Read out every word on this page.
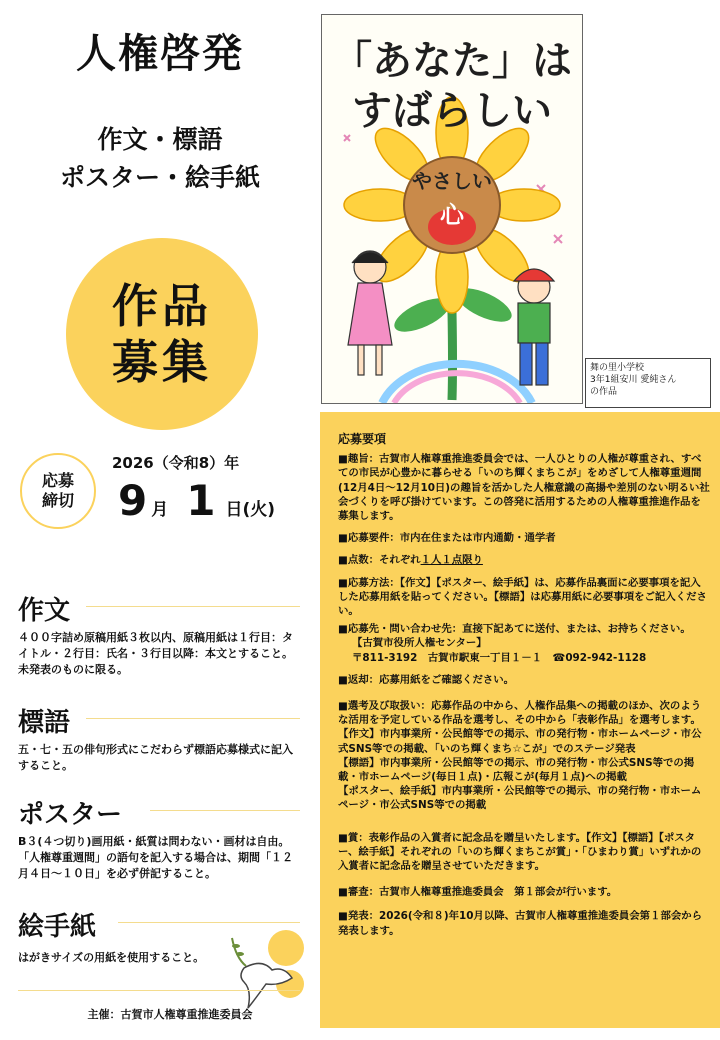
人権啓発
作文・標語
ポスター・絵手紙
作品
募集
「あなた」は
すばらしい
やさしい
心
舞の里小学校
3年1組安川 愛純さん
の作品
応募
締切
2026（令和8）年
9 月 1 日(火)
作文
４００字詰め原稿用紙３枚以内、原稿用紙は１行目：タイトル・２行目：氏名・３行目以降：本文とすること。未発表のものに限る。
標語
五・七・五の俳句形式にこだわらず標語応募様式に記入すること。
ポスター
B３(４つ切り)画用紙・紙質は問わない・画材は自由。「人権尊重週間」の語句を記入する場合は、期間「１２月４日～１０日」を必ず併記すること。
絵手紙
はがきサイズの用紙を使用すること。
主催：古賀市人権尊重推進委員会

応募要項

■趣旨：古賀市人権尊重推進委員会では、一人ひとりの人権が尊重され、すべての市民が心豊かに暮らせる「いのち輝くまちこが」をめざして人権尊重週間(12月4日～12月10日)の趣旨を活かした人権意識の高揚や差別のない明るい社会づくりを呼び掛けています。この啓発に活用するための人権尊重推進作品を募集します。

■応募要件：市内在住または市内通勤・通学者

■点数：それぞれ１人１点限り

■応募方法：【作文】【ポスター、絵手紙】は、応募作品裏面に必要事項を記入した応募用紙を貼ってください。【標語】は応募用紙に必要事項をご記入ください。

■応募先・問い合わせ先：直接下記あてに送付、または、お持ちください。

【古賀市役所人権センター】

〒811-3192　古賀市駅東一丁目１－１　☎092-942-1128

■返却：応募用紙をご確認ください。

■選考及び取扱い：応募作品の中から、人権作品集への掲載のほか、次のような活用を予定している作品を選考し、その中から「表彰作品」を選考します。

【作文】市内事業所・公民館等での掲示、市の発行物・市ホームページ・市公式SNS等での掲載、「いのち輝くまち☆こが」でのステージ発表

【標語】市内事業所・公民館等での掲示、市の発行物・市公式SNS等での掲載・市ホームページ(毎日１点)・広報こが(毎月１点)への掲載

【ポスター、絵手紙】市内事業所・公民館等での掲示、市の発行物・市ホームページ・市公式SNS等での掲載

■賞：表彰作品の入賞者に記念品を贈呈いたします。【作文】【標語】【ポスター、絵手紙】それぞれの「いのち輝くまちこが賞」・「ひまわり賞」いずれかの入賞者に記念品を贈呈させていただきます。

■審査：古賀市人権尊重推進委員会　第１部会が行います。

■発表：2026(令和８)年10月以降、古賀市人権尊重推進委員会第１部会から発表します。
